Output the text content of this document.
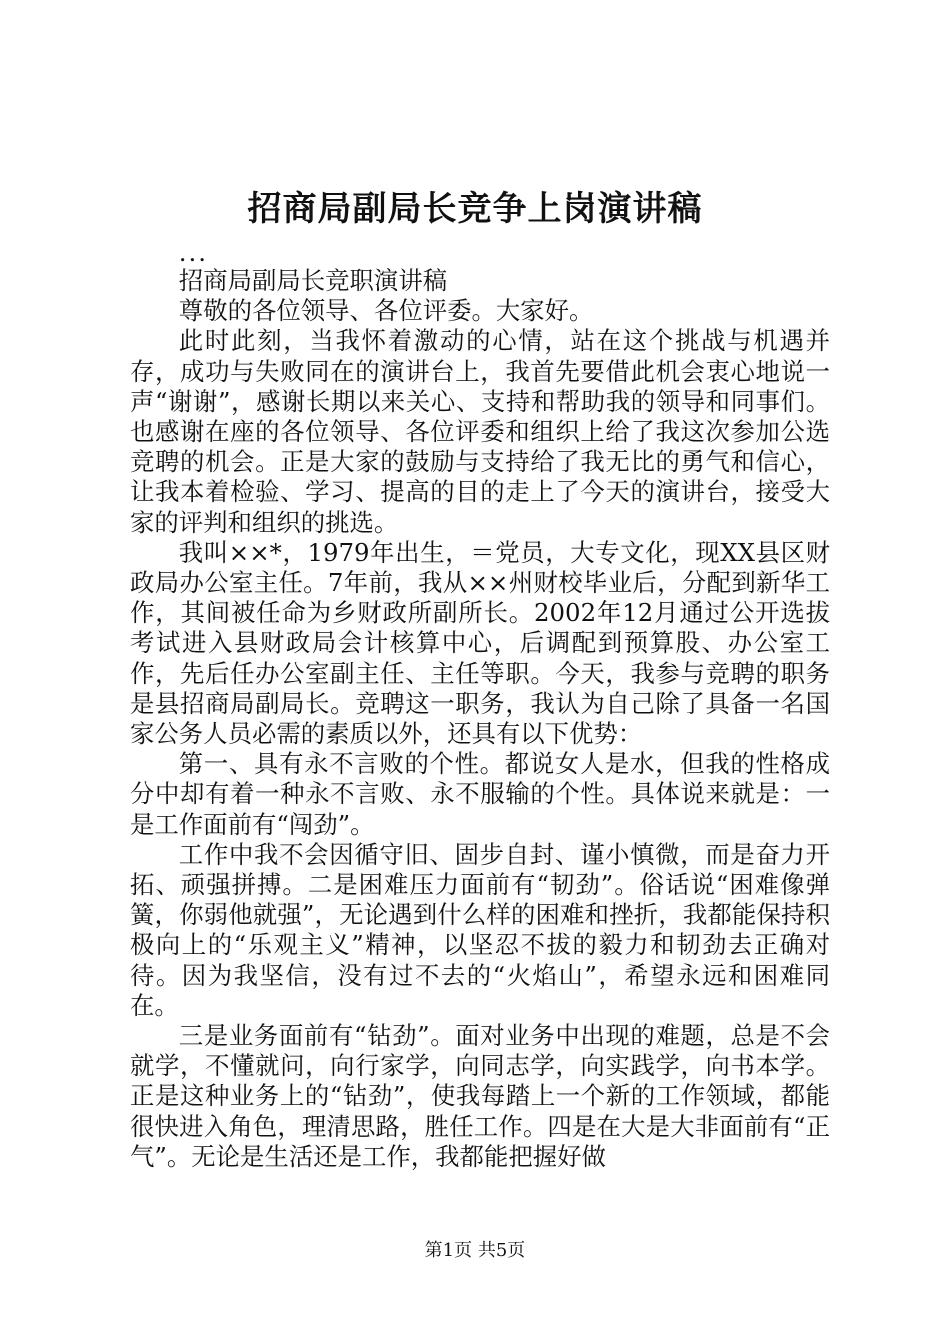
招商局副局长竞争上岗演讲稿

...

招商局副局长竞职演讲稿

尊敬的各位领导、各位评委。大家好。

此时此刻，当我怀着激动的心情，站在这个挑战与机遇并存，成功与失败同在的演讲台上，我首先要借此机会衷心地说一声“谢谢”，感谢长期以来关心、支持和帮助我的领导和同事们。也感谢在座的各位领导、各位评委和组织上给了我这次参加公选竞聘的机会。正是大家的鼓励与支持给了我无比的勇气和信心，让我本着检验、学习、提高的目的走上了今天的演讲台，接受大家的评判和组织的挑选。

我叫××*，1979年出生，＝党员，大专文化，现XX县区财政局办公室主任。7年前，我从××州财校毕业后，分配到新华工作，其间被任命为乡财政所副所长。2002年12月通过公开选拔考试进入县财政局会计核算中心，后调配到预算股、办公室工作，先后任办公室副主任、主任等职。今天，我参与竞聘的职务是县招商局副局长。竞聘这一职务，我认为自己除了具备一名国家公务人员必需的素质以外，还具有以下优势：

第一、具有永不言败的个性。都说女人是水，但我的性格成分中却有着一种永不言败、永不服输的个性。具体说来就是：一是工作面前有“闯劲”。

工作中我不会因循守旧、固步自封、谨小慎微，而是奋力开拓、顽强拼搏。二是困难压力面前有“韧劲”。俗话说“困难像弹簧，你弱他就强”，无论遇到什么样的困难和挫折，我都能保持积极向上的“乐观主义”精神，以坚忍不拔的毅力和韧劲去正确对待。因为我坚信，没有过不去的“火焰山”，希望永远和困难同在。

三是业务面前有“钻劲”。面对业务中出现的难题，总是不会就学，不懂就问，向行家学，向同志学，向实践学，向书本学。正是这种业务上的“钻劲”，使我每踏上一个新的工作领域，都能很快进入角色，理清思路，胜任工作。四是在大是大非面前有“正气”。无论是生活还是工作，我都能把握好做

第1页 共5页
